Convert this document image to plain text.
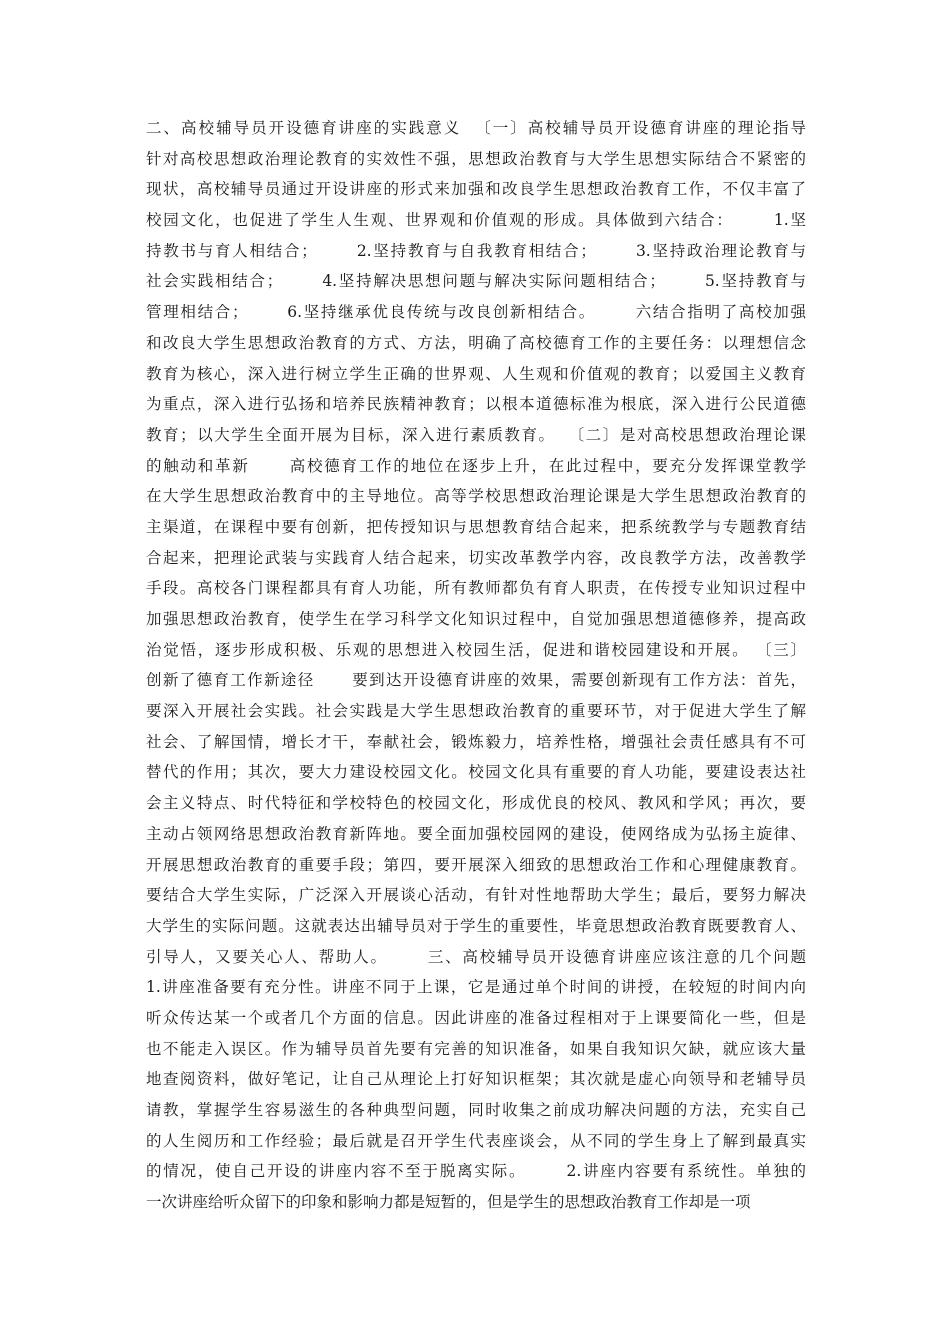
二、高校辅导员开设德育讲座的实践意义  〔一〕高校辅导员开设德育讲座的理论指导
针对高校思想政治理论教育的实效性不强，思想政治教育与大学生思想实际结合不紧密的
现状，高校辅导员通过开设讲座的形式来加强和改良学生思想政治教育工作，不仅丰富了
校园文化，也促进了学生人生观、世界观和价值观的形成。具体做到六结合：      1.坚
持教书与育人相结合；      2.坚持教育与自我教育相结合；      3.坚持政治理论教育与
社会实践相结合；      4.坚持解决思想问题与解决实际问题相结合；      5.坚持教育与
管理相结合；      6.坚持继承优良传统与改良创新相结合。      六结合指明了高校加强
和改良大学生思想政治教育的方式、方法，明确了高校德育工作的主要任务：以理想信念
教育为核心，深入进行树立学生正确的世界观、人生观和价值观的教育；以爱国主义教育
为重点，深入进行弘扬和培养民族精神教育；以根本道德标准为根底，深入进行公民道德
教育；以大学生全面开展为目标，深入进行素质教育。  〔二〕是对高校思想政治理论课
的触动和革新      高校德育工作的地位在逐步上升，在此过程中，要充分发挥课堂教学
在大学生思想政治教育中的主导地位。高等学校思想政治理论课是大学生思想政治教育的
主渠道，在课程中要有创新，把传授知识与思想教育结合起来，把系统教学与专题教育结
合起来，把理论武装与实践育人结合起来，切实改革教学内容，改良教学方法，改善教学
手段。高校各门课程都具有育人功能，所有教师都负有育人职责，在传授专业知识过程中
加强思想政治教育，使学生在学习科学文化知识过程中，自觉加强思想道德修养，提高政
治觉悟，逐步形成积极、乐观的思想进入校园生活，促进和谐校园建设和开展。 〔三〕
创新了德育工作新途径      要到达开设德育讲座的效果，需要创新现有工作方法：首先，
要深入开展社会实践。社会实践是大学生思想政治教育的重要环节，对于促进大学生了解
社会、了解国情，增长才干，奉献社会，锻炼毅力，培养性格，增强社会责任感具有不可
替代的作用；其次，要大力建设校园文化。校园文化具有重要的育人功能，要建设表达社
会主义特点、时代特征和学校特色的校园文化，形成优良的校风、教风和学风；再次，要
主动占领网络思想政治教育新阵地。要全面加强校园网的建设，使网络成为弘扬主旋律、
开展思想政治教育的重要手段；第四，要开展深入细致的思想政治工作和心理健康教育。
要结合大学生实际，广泛深入开展谈心活动，有针对性地帮助大学生；最后，要努力解决
大学生的实际问题。这就表达出辅导员对于学生的重要性，毕竟思想政治教育既要教育人、
引导人，又要关心人、帮助人。      三、高校辅导员开设德育讲座应该注意的几个问题
1.讲座准备要有充分性。讲座不同于上课，它是通过单个时间的讲授，在较短的时间内向
听众传达某一个或者几个方面的信息。因此讲座的准备过程相对于上课要简化一些，但是
也不能走入误区。作为辅导员首先要有完善的知识准备，如果自我知识欠缺，就应该大量
地查阅资料，做好笔记，让自己从理论上打好知识框架；其次就是虚心向领导和老辅导员
请教，掌握学生容易滋生的各种典型问题，同时收集之前成功解决问题的方法，充实自己
的人生阅历和工作经验；最后就是召开学生代表座谈会，从不同的学生身上了解到最真实
的情况，使自己开设的讲座内容不至于脱离实际。      2.讲座内容要有系统性。单独的
一次讲座给听众留下的印象和影响力都是短暂的，但是学生的思想政治教育工作却是一项
